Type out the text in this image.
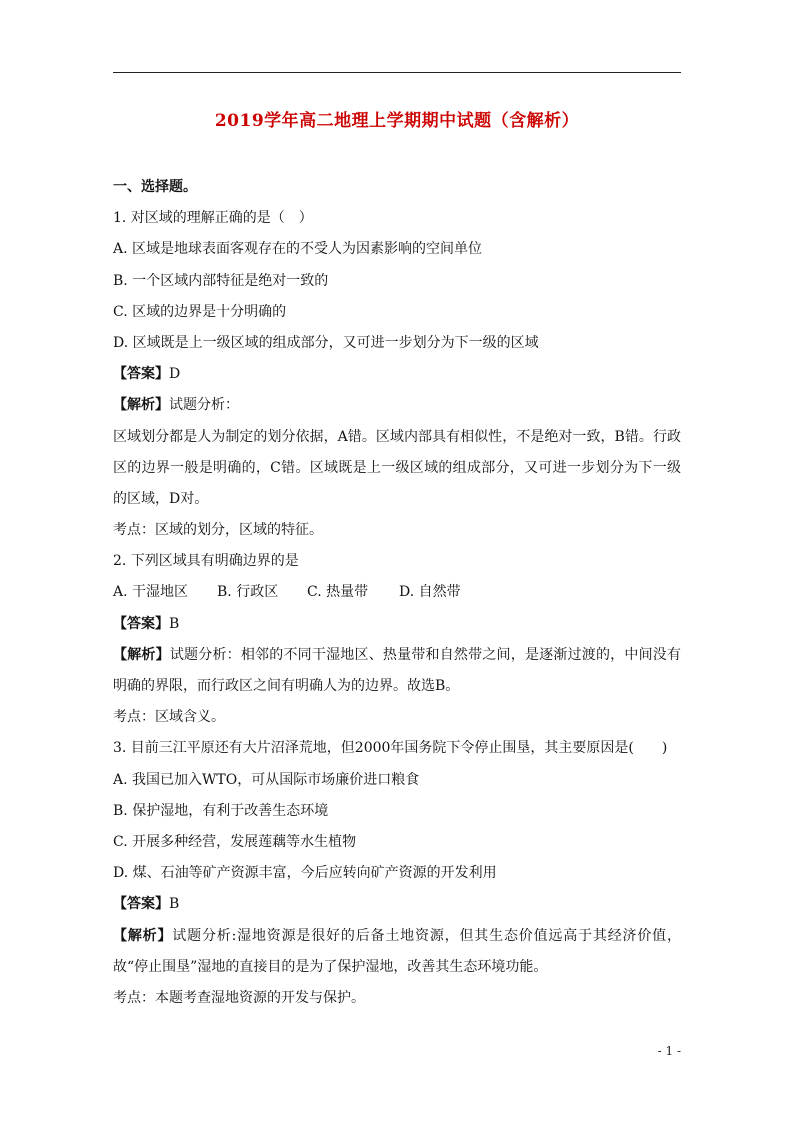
2019学年高二地理上学期期中试题（含解析）
一、选择题。
1. 对区域的理解正确的是（　）
A. 区域是地球表面客观存在的不受人为因素影响的空间单位
B. 一个区域内部特征是绝对一致的
C. 区域的边界是十分明确的
D. 区域既是上一级区域的组成部分，又可进一步划分为下一级的区域
【答案】D
【解析】试题分析：
区域划分都是人为制定的划分依据，A错。区域内部具有相似性，不是绝对一致，B错。行政区的边界一般是明确的，C错。区域既是上一级区域的组成部分，又可进一步划分为下一级的区域，D对。
考点：区域的划分，区域的特征。
2. 下列区域具有明确边界的是
A. 干湿地区 B. 行政区 C. 热量带 D. 自然带
【答案】B
【解析】试题分析：相邻的不同干湿地区、热量带和自然带之间，是逐渐过渡的，中间没有明确的界限，而行政区之间有明确人为的边界。故选B。
考点：区域含义。
3. 目前三江平原还有大片沼泽荒地，但2000年国务院下令停止围垦，其主要原因是(　　)
A. 我国已加入WTO，可从国际市场廉价进口粮食
B. 保护湿地，有利于改善生态环境
C. 开展多种经营，发展莲藕等水生植物
D. 煤、石油等矿产资源丰富，今后应转向矿产资源的开发利用
【答案】B
【解析】试题分析:湿地资源是很好的后备土地资源，但其生态价值远高于其经济价值，故“停止围垦”湿地的直接目的是为了保护湿地，改善其生态环境功能。
考点：本题考查湿地资源的开发与保护。
- 1 -
